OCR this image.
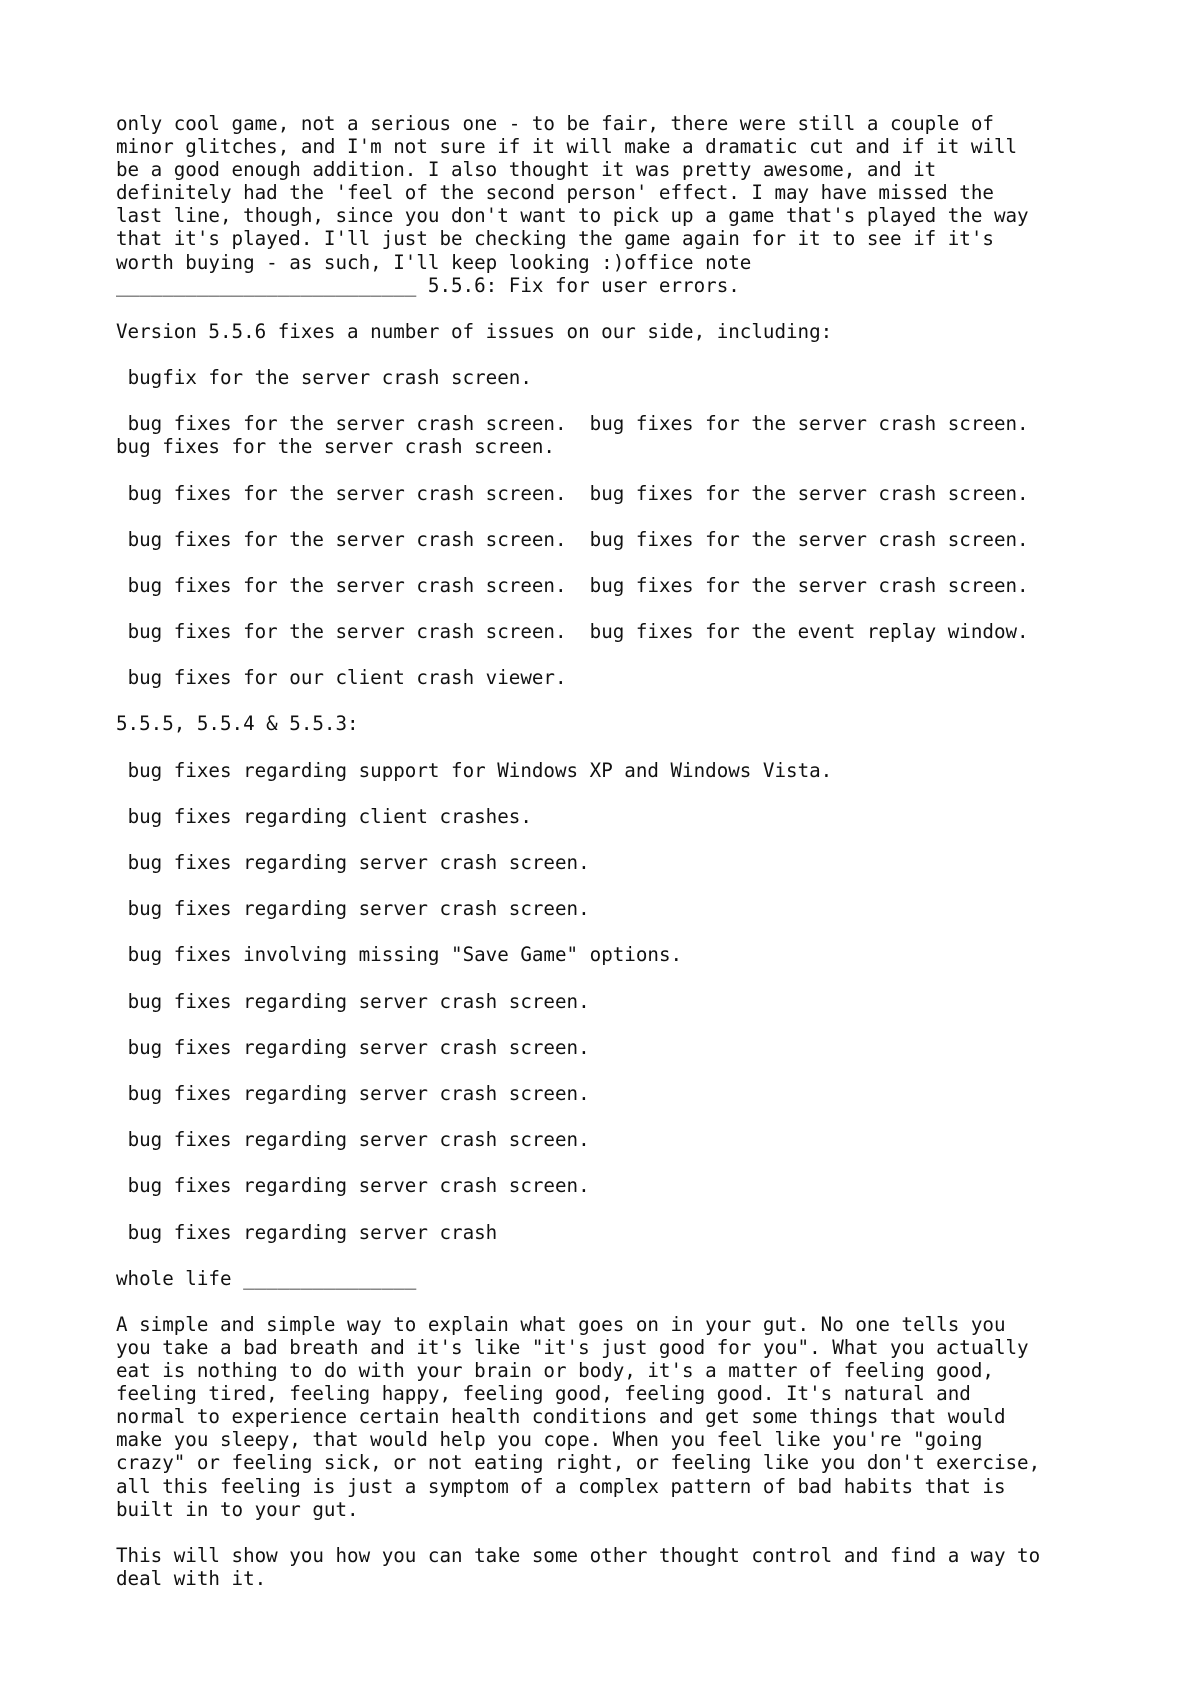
only cool game, not a serious one - to be fair, there were still a couple of
minor glitches, and I'm not sure if it will make a dramatic cut and if it will
be a good enough addition. I also thought it was pretty awesome, and it
definitely had the 'feel of the second person' effect. I may have missed the
last line, though, since you don't want to pick up a game that's played the way
that it's played. I'll just be checking the game again for it to see if it's
worth buying - as such, I'll keep looking :)office note
__________________________ 5.5.6: Fix for user errors.

Version 5.5.6 fixes a number of issues on our side, including:

bugfix for the server crash screen.

bug fixes for the server crash screen.  bug fixes for the server crash screen.
bug fixes for the server crash screen.

bug fixes for the server crash screen.  bug fixes for the server crash screen.

bug fixes for the server crash screen.  bug fixes for the server crash screen.

bug fixes for the server crash screen.  bug fixes for the server crash screen.

bug fixes for the server crash screen.  bug fixes for the event replay window.

bug fixes for our client crash viewer.

5.5.5, 5.5.4 & 5.5.3:

bug fixes regarding support for Windows XP and Windows Vista.

bug fixes regarding client crashes.

bug fixes regarding server crash screen.

bug fixes regarding server crash screen.

bug fixes involving missing "Save Game" options.

bug fixes regarding server crash screen.

bug fixes regarding server crash screen.

bug fixes regarding server crash screen.

bug fixes regarding server crash screen.

bug fixes regarding server crash screen.

bug fixes regarding server crash

whole life _______________

A simple and simple way to explain what goes on in your gut. No one tells you
you take a bad breath and it's like "it's just good for you". What you actually
eat is nothing to do with your brain or body, it's a matter of feeling good,
feeling tired, feeling happy, feeling good, feeling good. It's natural and
normal to experience certain health conditions and get some things that would
make you sleepy, that would help you cope. When you feel like you're "going
crazy" or feeling sick, or not eating right, or feeling like you don't exercise,
all this feeling is just a symptom of a complex pattern of bad habits that is
built in to your gut.

This will show you how you can take some other thought control and find a way to
deal with it.
